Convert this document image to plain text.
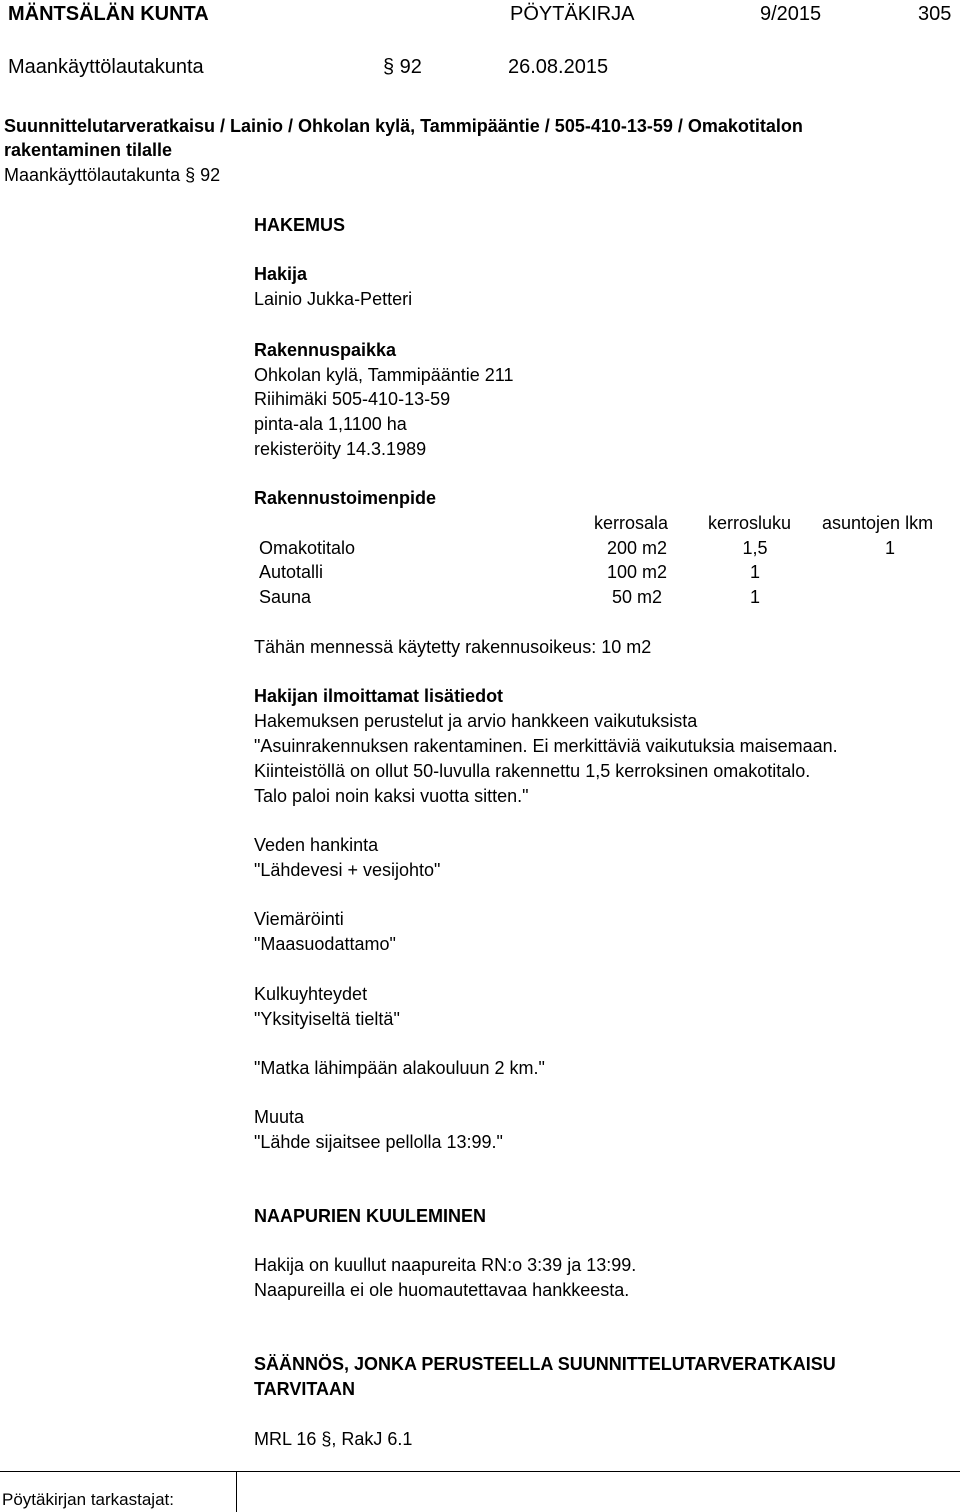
MÄNTSÄLÄN KUNTA	PÖYTÄKIRJA	9/2015	305
Maankäyttölautakunta	§ 92	26.08.2015
Suunnittelutarveratkaisu / Lainio / Ohkolan kylä, Tammipääntie / 505-410-13-59 / Omakotitalon
rakentaminen tilalle
Maankäyttölautakunta § 92
HAKEMUS
Hakija
Lainio Jukka-Petteri
Rakennuspaikka
Ohkolan kylä, Tammipääntie 211
Riihimäki 505-410-13-59
pinta-ala 1,1100 ha
rekisteröity 14.3.1989
Rakennustoimenpide
kerrosala kerrosluku asuntojen lkm
Omakotitalo	200 m2	1,5	1
Autotalli	100 m2	1
Sauna	50 m2	1
Tähän mennessä käytetty rakennusoikeus: 10 m2
Hakijan ilmoittamat lisätiedot
Hakemuksen perustelut ja arvio hankkeen vaikutuksista
"Asuinrakennuksen rakentaminen. Ei merkittäviä vaikutuksia maisemaan.
Kiinteistöllä on ollut 50-luvulla rakennettu 1,5 kerroksinen omakotitalo.
Talo paloi noin kaksi vuotta sitten."
Veden hankinta
"Lähdevesi + vesijohto"
Viemäröinti
"Maasuodattamo"
Kulkuyhteydet
"Yksityiseltä tieltä"
"Matka lähimpään alakouluun 2 km."
Muuta
"Lähde sijaitsee pellolla 13:99."
NAAPURIEN KUULEMINEN
Hakija on kuullut naapureita RN:o 3:39 ja 13:99.
Naapureilla ei ole huomautettavaa hankkeesta.
SÄÄNNÖS, JONKA PERUSTEELLA SUUNNITTELUTARVERATKAISU
TARVITAAN
MRL 16 §, RakJ 6.1
Pöytäkirjan tarkastajat:
